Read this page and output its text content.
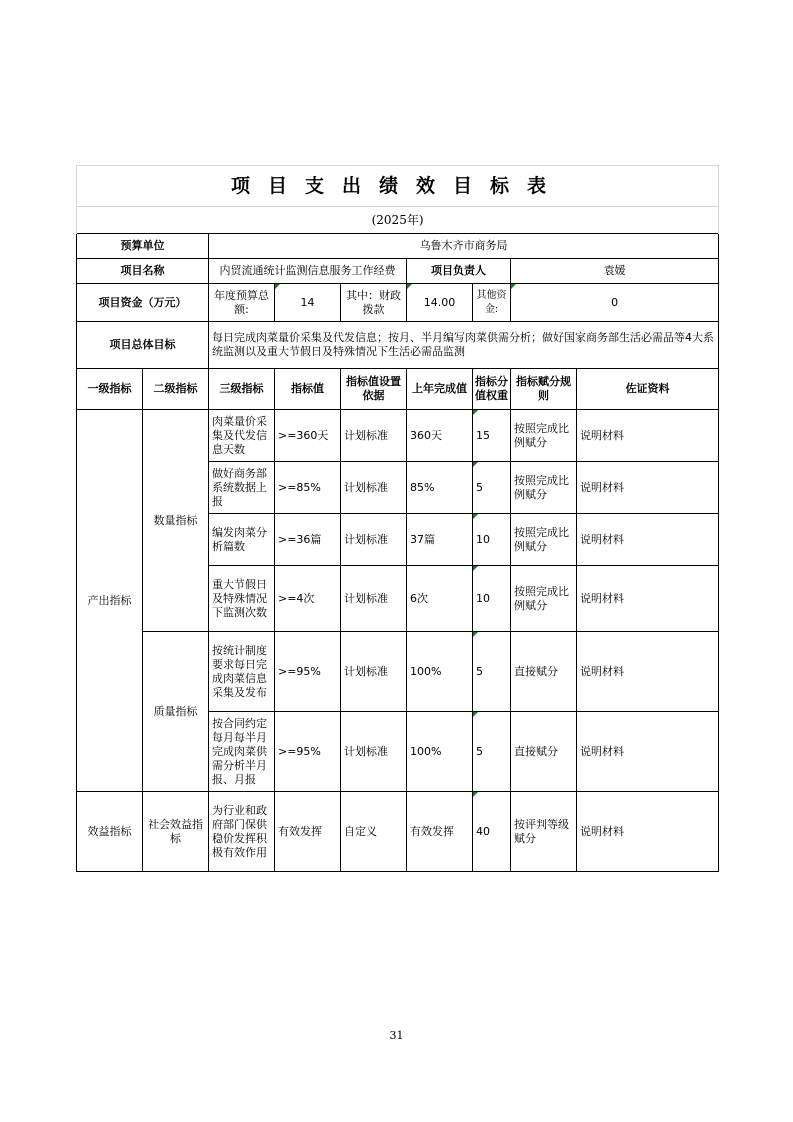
项目支出绩效目标表								
(2025年)								
预算单位		乌鲁木齐市商务局						
项目名称		内贸流通统计监测信息服务工作经费			项目负责人		袁媛	
项目资金（万元）		年度预算总额:	14	其中：财政拨款	14.00	其他资金:	0	
项目总体目标		每日完成肉菜量价采集及代发信息；按月、半月编写肉菜供需分析；做好国家商务部生活必需品等4大系统监测以及重大节假日及特殊情况下生活必需品监测						
一级指标	二级指标	三级指标	指标值	指标值设置依据	上年完成值	指标分值权重	指标赋分规则	佐证资料
产出指标	数量指标	肉菜量价采集及代发信息天数	>=360天	计划标准	360天	15	按照完成比例赋分	说明材料
		做好商务部系统数据上报	>=85%	计划标准	85%	5	按照完成比例赋分	说明材料
		编发肉菜分析篇数	>=36篇	计划标准	37篇	10	按照完成比例赋分	说明材料
		重大节假日及特殊情况下监测次数	>=4次	计划标准	6次	10	按照完成比例赋分	说明材料
	质量指标	按统计制度要求每日完成肉菜信息采集及发布	>=95%	计划标准	100%	5	直接赋分	说明材料
		按合同约定每月每半月完成肉菜供需分析半月报、月报	>=95%	计划标准	100%	5	直接赋分	说明材料
效益指标	社会效益指标	为行业和政府部门保供稳价发挥积极有效作用	有效发挥	自定义	有效发挥	40	按评判等级赋分	说明材料
31
